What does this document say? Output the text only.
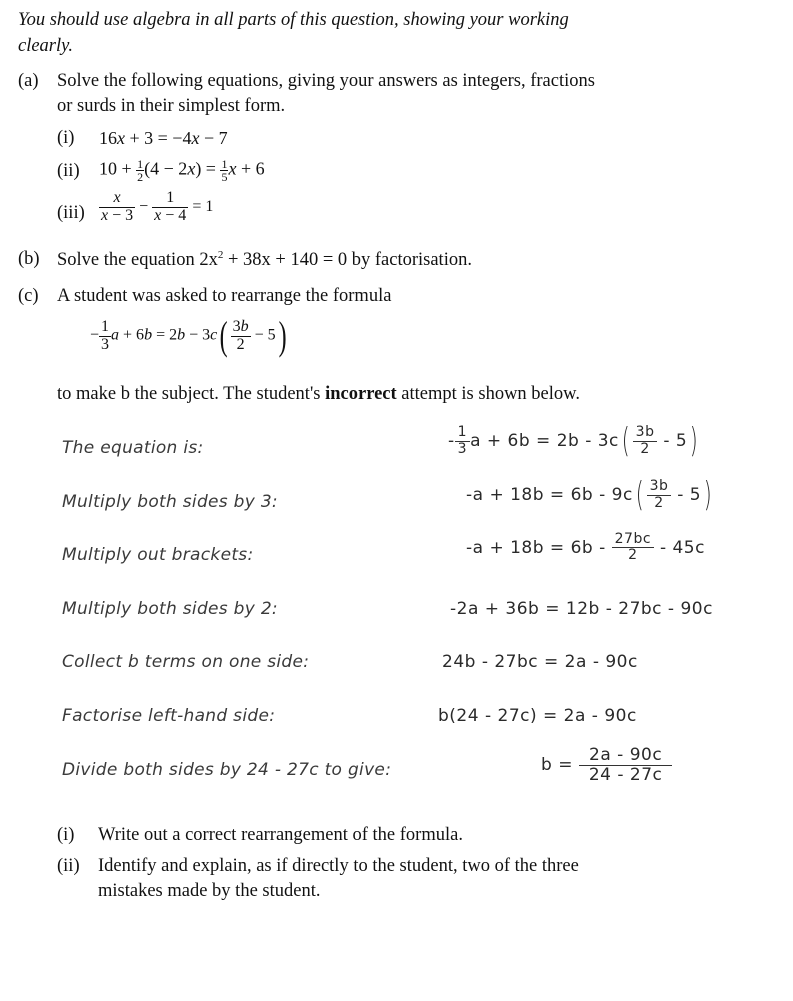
You should use algebra in all parts of this question, showing your working
clearly.
(a) Solve the following equations, giving your answers as integers, fractions
or surds in their simplest form.
(i) 16x + 3 = −4x − 7
(ii) $10 + \frac{1}{2} (4 - 2x) = \frac{1}{5}$ x + 6
$(iii) \frac{x}{x - 3} - \frac{1}{x - 4} = 1$
(b) Solve the equation $2x^2 + 38x + 140 = 0$ by factorisation.
(c) A student was asked to rearrange the formula
− $\frac{1}{3}$ $a + 6b = 2b - 3c( \frac{3b}{2} - 5)$
to make b the subject. The student's incorrect attempt is shown below.
The equation is:
Multiply both sides by 3:
Multiply out brackets:
Multiply both sides by 2:
Collect b terms on one side:
Factorise left-hand side:
Divide both sides by 24 - 27c to give:
- $\frac{1}{3}$ $a + 6b = 2b - 3c( \frac{3b}{2} - 5)$
$-a + 18b = 6b - 9c( \frac{3b}{2} - 5)$
$-a + 18b = 6b - \frac{27bc}{2} - 45c$
-2a + 36b = 12b - 27bc - 90c
24b - 27bc = 2a - 90c
b(24 - 27c) = 2a - 90c
$b = \frac{2a - 90c}{24 - 27c}$
(i) Write out a correct rearrangement of the formula.
(ii) Identify and explain, as if directly to the student, two of the three
mistakes made by the student.
